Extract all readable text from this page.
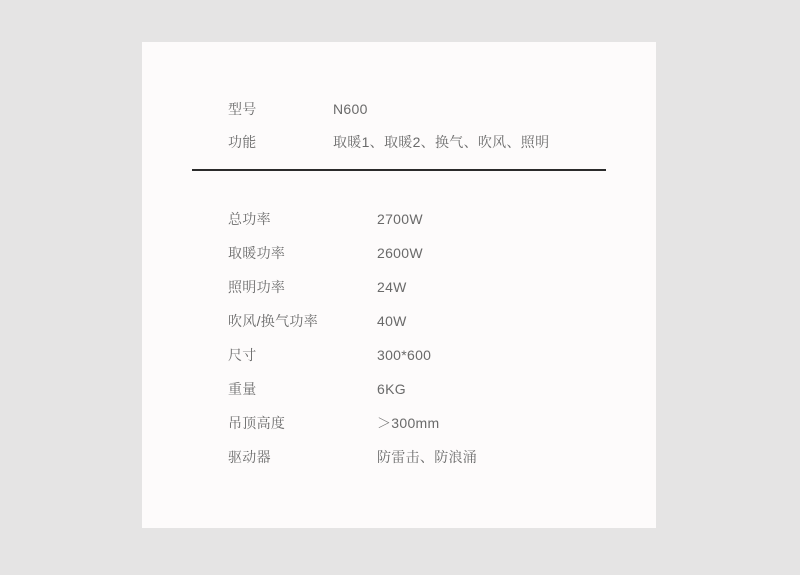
型号	N600
功能	取暖1、取暖2、换气、吹风、照明
总功率	2700W
取暖功率	2600W
照明功率	24W
吹风/换气功率	40W
尺寸	300*600
重量	6KG
吊顶高度	＞300mm
驱动器	防雷击、防浪涌
